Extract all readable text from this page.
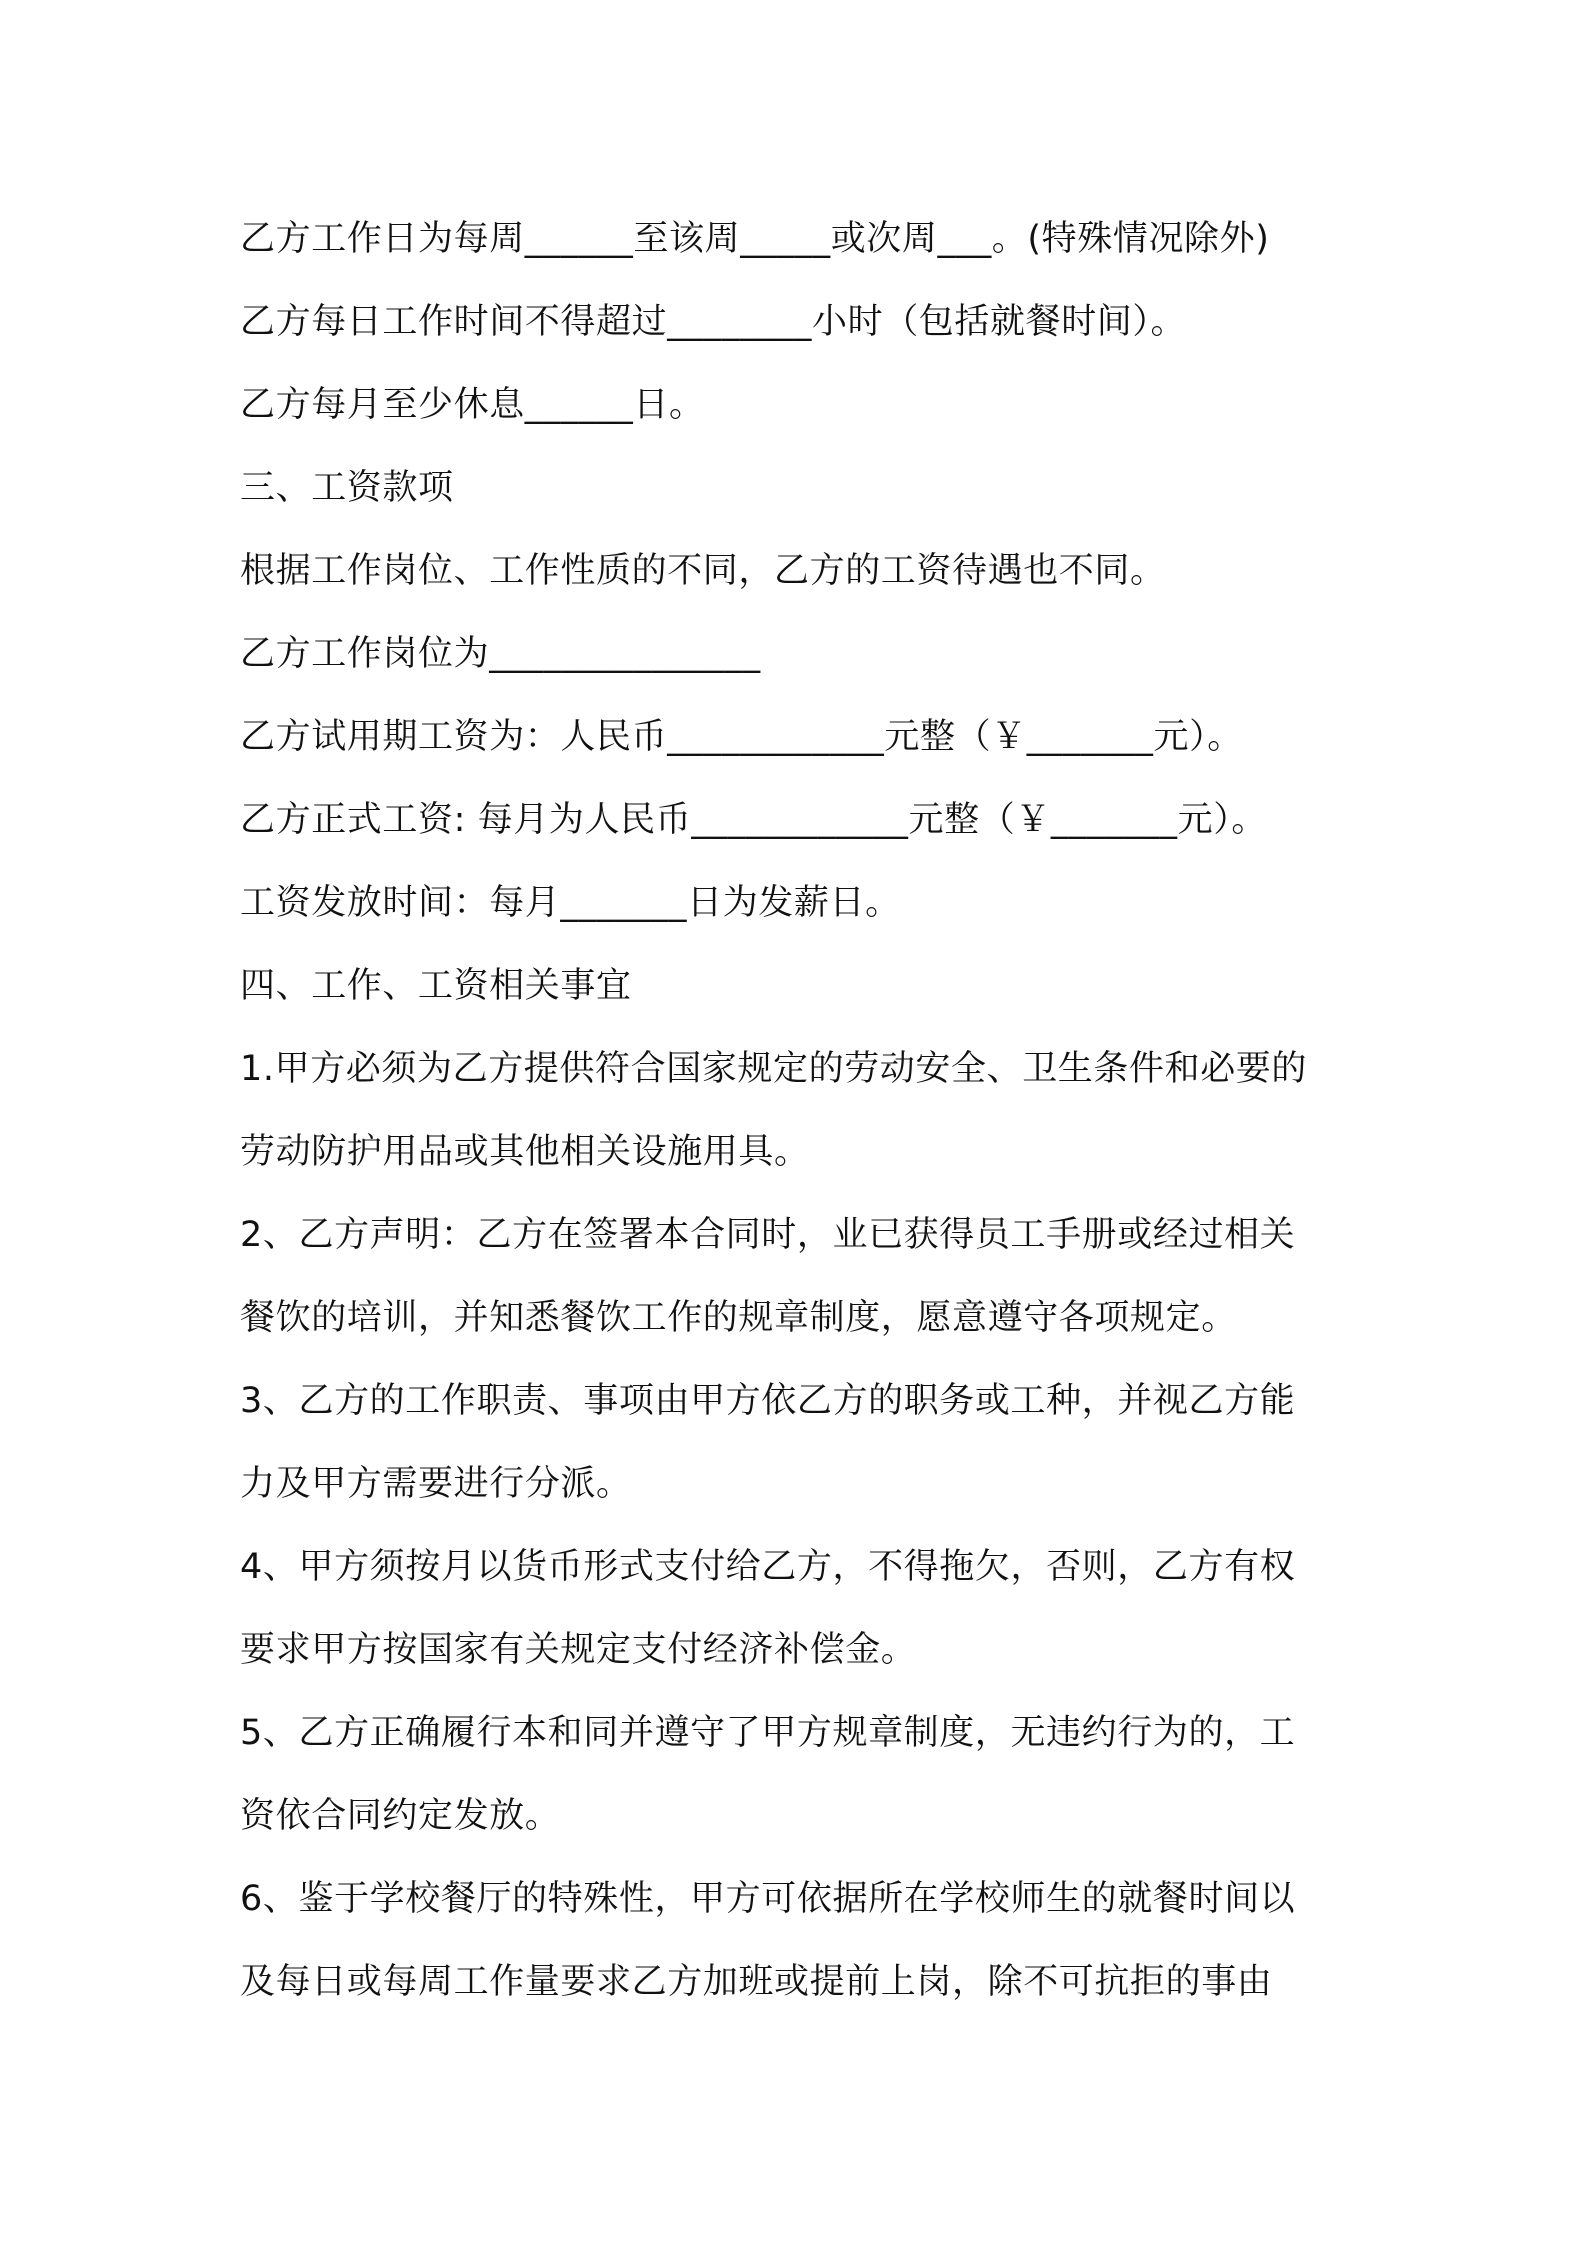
乙方工作日为每周______至该周_____或次周___。(特殊情况除外)
乙方每日工作时间不得超过________小时（包括就餐时间）。
乙方每月至少休息______日。
三、工资款项
根据工作岗位、工作性质的不同，乙方的工资待遇也不同。
乙方工作岗位为_______________
乙方试用期工资为：人民币____________元整（￥_______元）。
乙方正式工资: 每月为人民币____________元整（￥_______元）。
工资发放时间：每月_______日为发薪日。
四、工作、工资相关事宜
1.甲方必须为乙方提供符合国家规定的劳动安全、卫生条件和必要的
劳动防护用品或其他相关设施用具。
2、乙方声明：乙方在签署本合同时，业已获得员工手册或经过相关
餐饮的培训，并知悉餐饮工作的规章制度，愿意遵守各项规定。
3、乙方的工作职责、事项由甲方依乙方的职务或工种，并视乙方能
力及甲方需要进行分派。
4、甲方须按月以货币形式支付给乙方，不得拖欠，否则，乙方有权
要求甲方按国家有关规定支付经济补偿金。
5、乙方正确履行本和同并遵守了甲方规章制度，无违约行为的，工
资依合同约定发放。
6、鉴于学校餐厅的特殊性，甲方可依据所在学校师生的就餐时间以
及每日或每周工作量要求乙方加班或提前上岗，除不可抗拒的事由
